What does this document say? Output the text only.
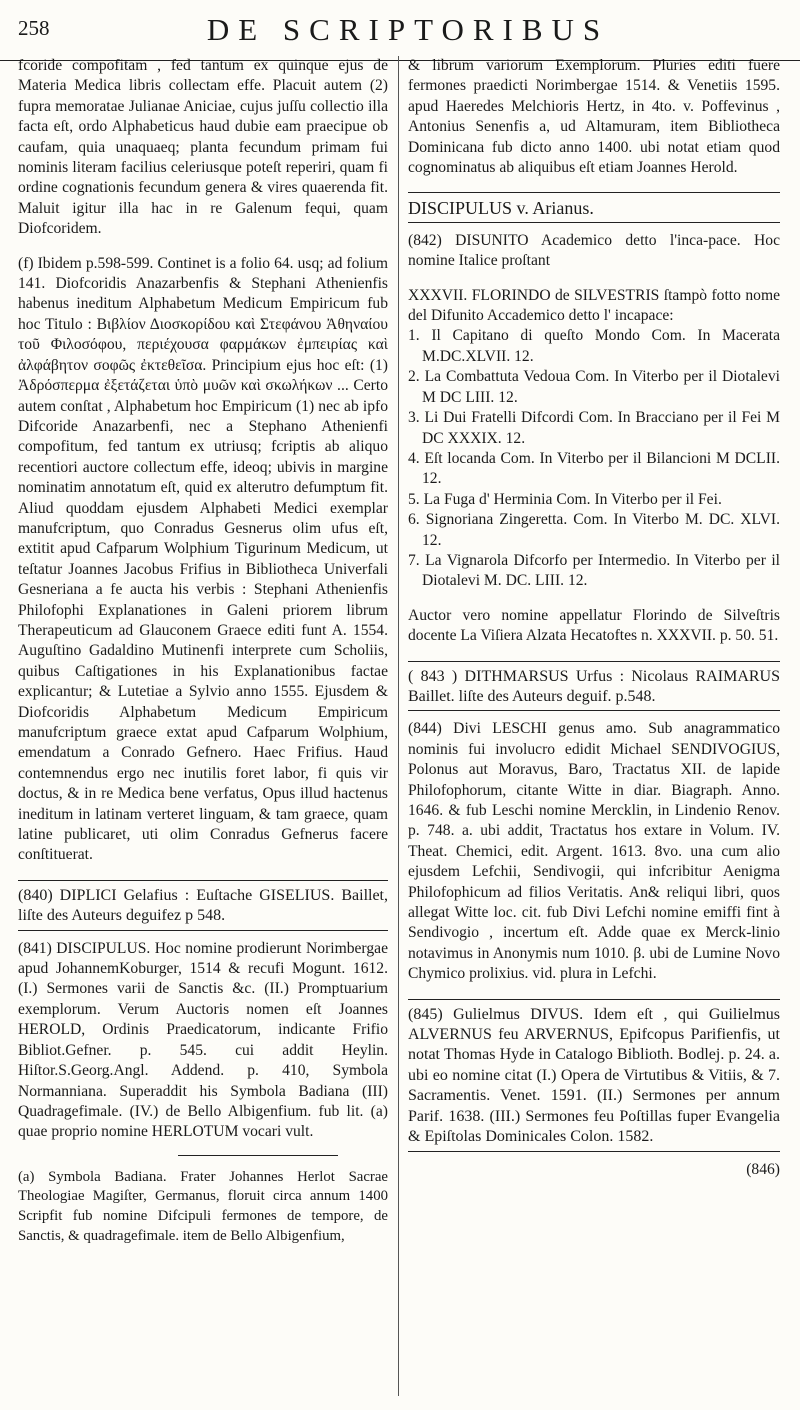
258	DE SCRIPTORIBUS

fcoride compofitam , fed tantum ex quinque ejus de Materia Medica libris collectam effe. Placuit autem (2) fupra memoratae Julianae Aniciae, cujus juſſu collectio illa facta eſt, ordo Alphabeticus haud dubie eam praecipue ob caufam, quia unaquaeq; planta fecundum primam fui nominis literam facilius celeriusque poteſt reperiri, quam fi ordine cognationis fecundum genera & vires quaerenda fit. Maluit igitur illa hac in re Galenum fequi, quam Diofcoridem.

(f) Ibidem p.598-599. Continet is a folio 64. usq; ad folium 141. Diofcoridis Anazarbenfis & Stephani Athenienfis habenus ineditum Alphabetum Medicum Empiricum fub hoc Titulo : Βιβλίον Διοσκορίδου καὶ Στεφάνου Ἀθηναίου τοῦ Φιλοσόφου, περιέχουσα φαρμάκων ἐμπειρίας καὶ ἀλφάβητον σοφῶς ἐκτεθεῖσα. Principium ejus hoc eſt: (1) Ἀδρόσπερμα ἐξετάζεται ὑπὸ μυῶν καὶ σκωλήκων ... Certo autem conſtat , Alphabetum hoc Empiricum (1) nec ab ipfo Difcoride Anazarbenfi, nec a Stephano Athenienfi compofitum, fed tantum ex utriusq; fcriptis ab aliquo recentiori auctore collectum effe, ideoq; ubivis in margine nominatim annotatum eſt, quid ex alterutro defumptum fit. Aliud quoddam ejusdem Alphabeti Medici exemplar manufcriptum, quo Conradus Gesnerus olim ufus eſt, extitit apud Cafparum Wolphium Tigurinum Medicum, ut teſtatur Joannes Jacobus Frifius in Bibliotheca Univerfali Gesneriana a fe aucta his verbis : Stephani Athenienfis Philofophi Explanationes in Galeni priorem librum Therapeuticum ad Glauconem Graece editi funt A. 1554. Auguſtino Gadaldino Mutinenfi interprete cum Scholiis, quibus Caſtigationes in his Explanationibus factae explicantur; & Lutetiae a Sylvio anno 1555. Ejusdem & Diofcoridis Alphabetum Medicum Empiricum manufcriptum graece extat apud Cafparum Wolphium, emendatum a Conrado Gefnero. Haec Frifius. Haud contemnendus ergo nec inutilis foret labor, fi quis vir doctus, & in re Medica bene verfatus, Opus illud hactenus ineditum in latinam verteret linguam, & tam graece, quam latine publicaret, uti olim Conradus Gefnerus facere conſtituerat.

(840) DIPLICI Gelafius : Euſtache GISELIUS. Baillet, liſte des Auteurs deguifez p 548.

(841) DISCIPULUS. Hoc nomine prodierunt Norimbergae apud JohannemKoburger, 1514 & recufi Mogunt. 1612. (I.) Sermones varii de Sanctis &c. (II.) Promptuarium exemplorum. Verum Auctoris nomen eſt Joannes HEROLD, Ordinis Praedicatorum, indicante Frifio Bibliot.Gefner. p. 545. cui addit Heylin. Hiſtor.S.Georg.Angl. Addend. p. 410, Symbola Normanniana. Superaddit his Symbola Badiana (III) Quadragefimale. (IV.) de Bello Albigenfium. fub lit. (a) quae proprio nomine HERLOTUM vocari vult.

(a) Symbola Badiana. Frater Johannes Herlot Sacrae Theologiae Magiſter, Germanus, floruit circa annum 1400 Scripfit fub nomine Difcipuli fermones de tempore, de Sanctis, & quadragefimale. item de Bello Albigenfium,

& librum variorum Exemplorum. Pluries editi fuere fermones praedicti Norimbergae 1514. & Venetiis 1595. apud Haeredes Melchioris Hertz, in 4to. v. Poffevinus , Antonius Senenfis a, ud Altamuram, item Bibliotheca Dominicana fub dicto anno 1400. ubi notat etiam quod cognominatus ab aliquibus eſt etiam Joannes Herold.

DISCIPULUS v. Arianus.

(842) DISUNITO Academico detto l'inca-pace. Hoc nomine Italice proſtant

XXXVII. FLORINDO de SILVESTRIS ſtampò fotto nome del Difunito Accademico detto l' incapace:

1. Il Capitano di queſto Mondo Com. In Macerata M.DC.XLVII. 12.

2. La Combattuta Vedoua Com. In Viterbo per il Diotalevi M DC LIII. 12.

3. Li Dui Fratelli Difcordi Com. In Bracciano per il Fei M DC XXXIX. 12.

4. Eſt locanda Com. In Viterbo per il Bilancioni M DCLII. 12.

5. La Fuga d' Herminia Com. In Viterbo per il Fei.

6. Signoriana Zingeretta. Com. In Viterbo M. DC. XLVI. 12.

7. La Vignarola Difcorfo per Intermedio. In Viterbo per il Diotalevi M. DC. LIII. 12.

Auctor vero nomine appellatur Florindo de Silveſtris docente La Viſiera Alzata Hecatoftes n. XXXVII. p. 50. 51.

( 843 ) DITHMARSUS Urfus : Nicolaus RAIMARUS Baillet. liſte des Auteurs deguif. p.548.

(844) Divi LESCHI genus amo. Sub anagrammatico nominis fui involucro edidit Michael SENDIVOGIUS, Polonus aut Moravus, Baro, Tractatus XII. de lapide Philofophorum, citante Witte in diar. Biagraph. Anno. 1646. & fub Leschi nomine Mercklin, in Lindenio Renov. p. 748. a. ubi addit, Tractatus hos extare in Volum. IV. Theat. Chemici, edit. Argent. 1613. 8vo. una cum alio ejusdem Lefchii, Sendivogii, qui infcribitur Aenigma Philofophicum ad filios Veritatis. An& reliqui libri, quos allegat Witte loc. cit. fub Divi Lefchi nomine emiffi fint à Sendivogio , incertum eſt. Adde quae ex Merck-linio notavimus in Anonymis num 1010. β. ubi de Lumine Novo Chymico prolixius. vid. plura in Lefchi.

(845) Gulielmus DIVUS. Idem eſt , qui Guilielmus ALVERNUS feu ARVERNUS, Epifcopus Parifienfis, ut notat Thomas Hyde in Catalogo Biblioth. Bodlej. p. 24. a. ubi eo nomine citat (I.) Opera de Virtutibus & Vitiis, & 7. Sacramentis. Venet. 1591. (II.) Sermones per annum Parif. 1638. (III.) Sermones feu Poſtillas fuper Evangelia & Epiſtolas Dominicales Colon. 1582.

(846)
